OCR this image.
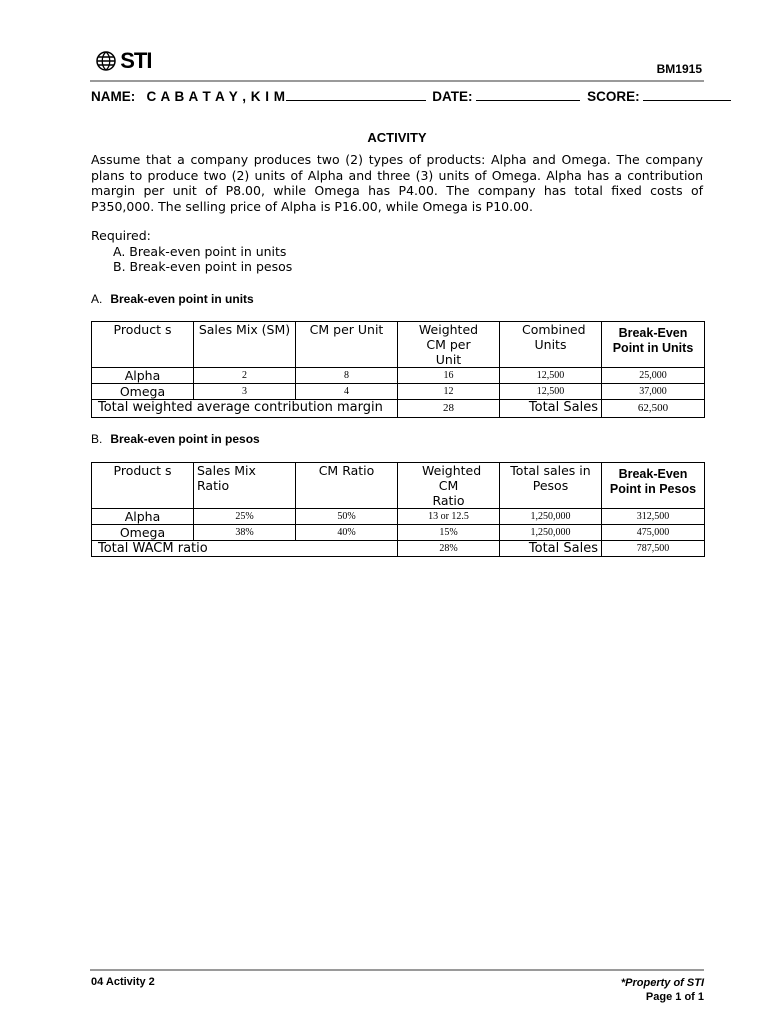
STI	BM1915
NAME: C A B A T A Y , K I M	DATE:	SCORE:
ACTIVITY
Assume that a company produces two (2) types of products: Alpha and Omega. The company plans to produce two (2) units of Alpha and three (3) units of Omega. Alpha has a contribution margin per unit of P8.00, while Omega has P4.00. The company has total fixed costs of P350,000. The selling price of Alpha is P16.00, while Omega is P10.00.
Required:
A. Break-even point in units
B. Break-even point in pesos
A. Break-even point in units
Product s	Sales Mix (SM)	CM per Unit	Weighted CM per Unit	Combined Units	Break-Even Point in Units
Alpha	2	8	16	12,500	25,000
Omega	3	4	12	12,500	37,000
Total weighted average contribution margin			28	Total Sales	62,500
B. Break-even point in pesos
Product s	Sales Mix Ratio	CM Ratio	Weighted CM Ratio	Total sales in Pesos	Break-Even Point in Pesos
Alpha	25%	50%	13 or 12.5	1,250,000	312,500
Omega	38%	40%	15%	1,250,000	475,000
Total WACM ratio			28%	Total Sales	787,500
04 Activity 2	*Property of STI
Page 1 of 1
